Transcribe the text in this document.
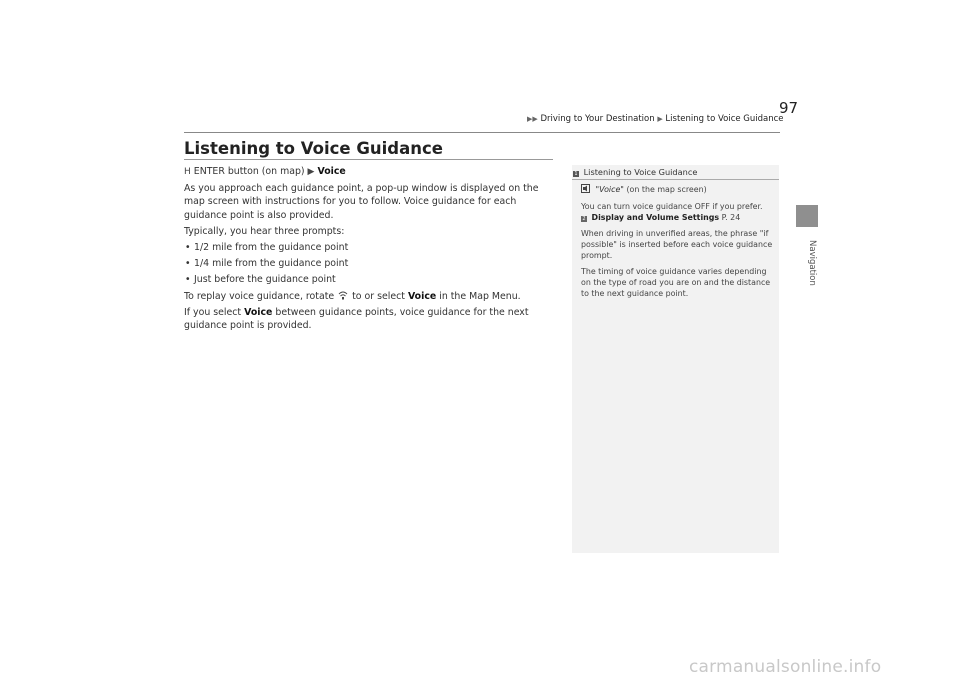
▶▶ Driving to Your Destination ▶ Listening to Voice Guidance
97
Navigation
Listening to Voice Guidance

H ENTER button (on map) ▶ Voice

As you approach each guidance point, a pop-up window is displayed on the map screen with instructions for you to follow. Voice guidance for each guidance point is also provided.

Typically, you hear three prompts:

• 1/2 mile from the guidance point
• 1/4 mile from the guidance point
• Just before the guidance point

To replay voice guidance, rotate to or select Voice in the Map Menu.

If you select Voice between guidance points, voice guidance for the next guidance point is provided.

1 Listening to Voice Guidance

"Voice" (on the map screen)

You can turn voice guidance OFF if you prefer.
2 Display and Volume Settings P. 24

When driving in unverified areas, the phrase "if possible" is inserted before each voice guidance prompt.

The timing of voice guidance varies depending on the type of road you are on and the distance to the next guidance point.

carmanualsonline.info
